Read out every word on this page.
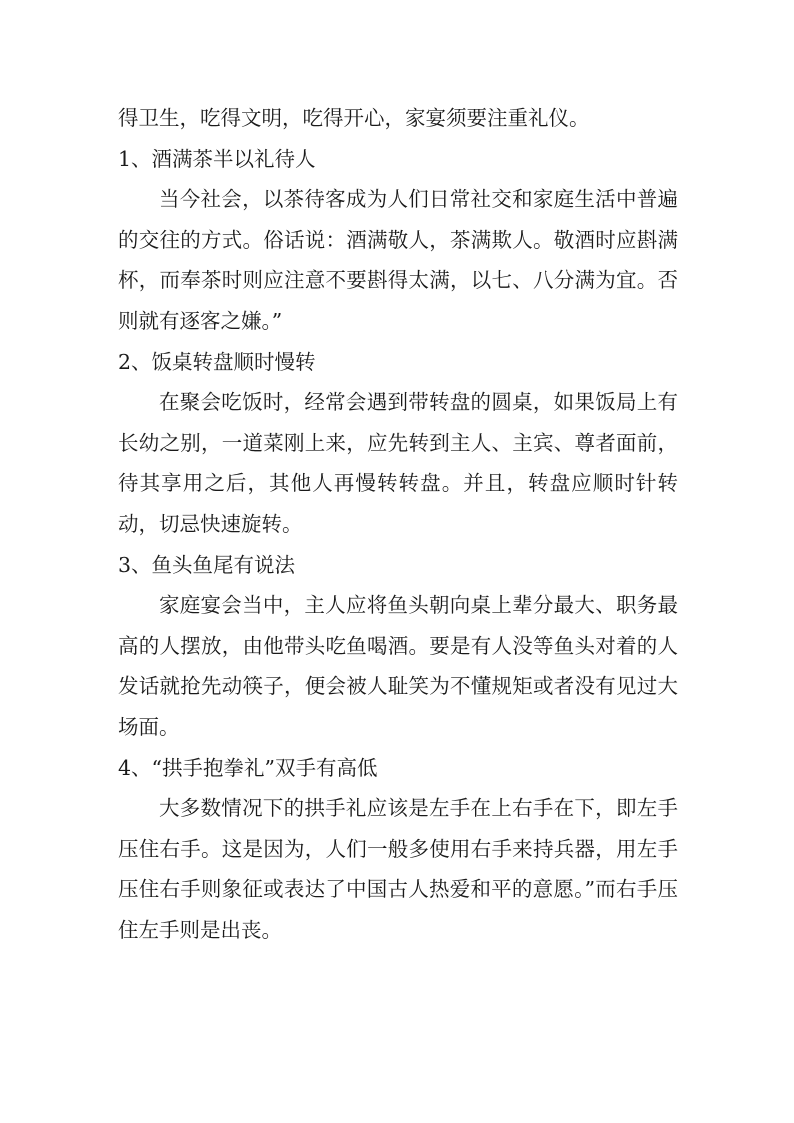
得卫生，吃得文明，吃得开心，家宴须要注重礼仪。

1、酒满茶半以礼待人

当今社会，以茶待客成为人们日常社交和家庭生活中普遍的交往的方式。俗话说：酒满敬人，茶满欺人。敬酒时应斟满杯，而奉茶时则应注意不要斟得太满，以七、八分满为宜。否则就有逐客之嫌。”

2、饭桌转盘顺时慢转

在聚会吃饭时，经常会遇到带转盘的圆桌，如果饭局上有长幼之别，一道菜刚上来，应先转到主人、主宾、尊者面前，待其享用之后，其他人再慢转转盘。并且，转盘应顺时针转动，切忌快速旋转。

3、鱼头鱼尾有说法

家庭宴会当中，主人应将鱼头朝向桌上辈分最大、职务最高的人摆放，由他带头吃鱼喝酒。要是有人没等鱼头对着的人发话就抢先动筷子，便会被人耻笑为不懂规矩或者没有见过大场面。

4、“拱手抱拳礼”双手有高低

大多数情况下的拱手礼应该是左手在上右手在下，即左手压住右手。这是因为，人们一般多使用右手来持兵器，用左手压住右手则象征或表达了中国古人热爱和平的意愿。”而右手压住左手则是出丧。
